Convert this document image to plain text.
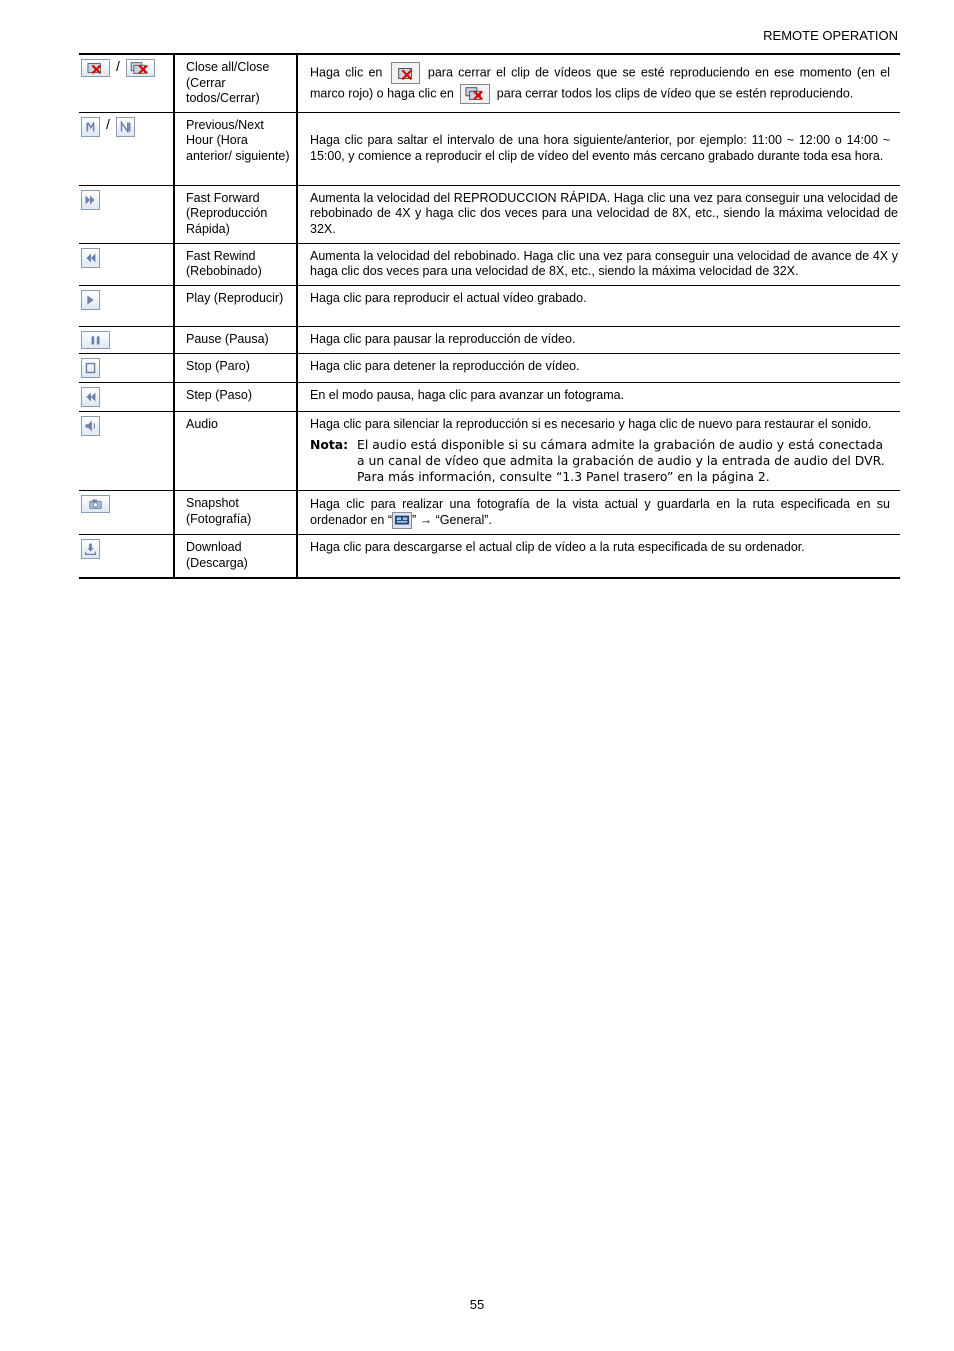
REMOTE OPERATION
/	Close all/Close (Cerrar todos/Cerrar)	Haga clic en para cerrar el clip de vídeos que se esté reproduciendo en ese momento (en el marco rojo) o haga clic en para cerrar todos los clips de vídeo que se estén reproduciendo.

/	Previous/Next Hour (Hora anterior/ siguiente)	Haga clic para saltar el intervalo de una hora siguiente/anterior, por ejemplo: 11:00 ~ 12:00 o 14:00 ~ 15:00, y comience a reproducir el clip de vídeo del evento más cercano grabado durante toda esa hora.

	Fast Forward (Reproducción Rápida)	Aumenta la velocidad del REPRODUCCION RÁPIDA. Haga clic una vez para conseguir una velocidad de rebobinado de 4X y haga clic dos veces para una velocidad de 8X, etc., siendo la máxima velocidad de 32X.

	Fast Rewind (Rebobinado)	Aumenta la velocidad del rebobinado. Haga clic una vez para conseguir una velocidad de avance de 4X y haga clic dos veces para una velocidad de 8X, etc., siendo la máxima velocidad de 32X.

	Play (Reproducir)	Haga clic para reproducir el actual vídeo grabado.

	Pause (Pausa)	Haga clic para pausar la reproducción de vídeo.

	Stop (Paro)	Haga clic para detener la reproducción de vídeo.

	Step (Paso)	En el modo pausa, haga clic para avanzar un fotograma.

	Audio	Haga clic para silenciar la reproducción si es necesario y haga clic de nuevo para restaurar el sonido.
Nota: El audio está disponible si su cámara admite la grabación de audio y está conectada a un canal de vídeo que admita la grabación de audio y la entrada de audio del DVR. Para más información, consulte “1.3 Panel trasero” en la página 2.

	Snapshot (Fotografía)	Haga clic para realizar una fotografía de la vista actual y guardarla en la ruta especificada en su ordenador en “ ” → “General”.

	Download (Descarga)	Haga clic para descargarse el actual clip de vídeo a la ruta especificada de su ordenador.
55
